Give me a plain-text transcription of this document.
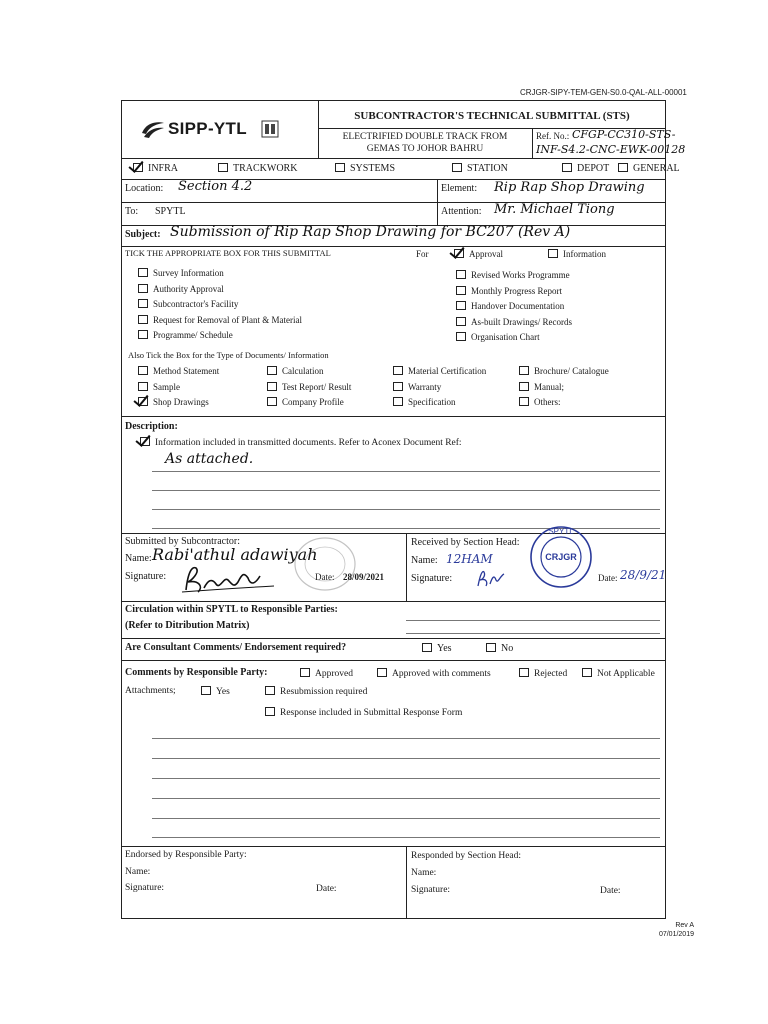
CRJGR-SIPY-TEM-GEN-S0.0-QAL-ALL-00001
SIPP-YTL
SUBCONTRACTOR'S TECHNICAL SUBMITTAL (STS)
ELECTRIFIED DOUBLE TRACK FROM
GEMAS TO JOHOR BAHRU
Ref. No.: CFGP-CC310-STS-
INF-S4.2-CNC-EWK-00128
INFRA	TRACKWORK	SYSTEMS	STATION	DEPOT	GENERAL
Location: Section 4.2	Element: Rip Rap Shop Drawing
To: SPYTL	Attention: Mr. Michael Tiong
Subject: Submission of Rip Rap Shop Drawing for BC207 (Rev A)
TICK THE APPROPRIATE BOX FOR THIS SUBMITTAL	For	Approval	Information
Survey Information
Authority Approval
Subcontractor's Facility
Request for Removal of Plant & Material
Programme/ Schedule
Revised Works Programme
Monthly Progress Report
Handover Documentation
As-built Drawings/ Records
Organisation Chart
Also Tick the Box for the Type of Documents/ Information
Method Statement
Sample
Shop Drawings
Calculation
Test Report/ Result
Company Profile
Material Certification
Warranty
Specification
Brochure/ Catalogue
Manual;
Others:
Description:
Information included in transmitted documents. Refer to Aconex Document Ref:
As attached.
Submitted by Subcontractor:
Name: Rabi'athul adawiyah
Signature:	Date: 28/09/2021
Received by Section Head:
Name: 12HAM
Signature:
SPYTL
CRJGR
Date: 28/9/21
Circulation within SPYTL to Responsible Parties:
(Refer to Ditribution Matrix)
Are Consultant Comments/ Endorsement required?	Yes	No
Comments by Responsible Party:	Approved	Approved with comments	Rejected	Not Applicable
Attachments;	Yes	Resubmission required
Response included in Submittal Response Form
Endorsed by Responsible Party:
Name:
Signature:	Date:
Responded by Section Head:
Name:
Signature:	Date:
Rev A
07/01/2019
